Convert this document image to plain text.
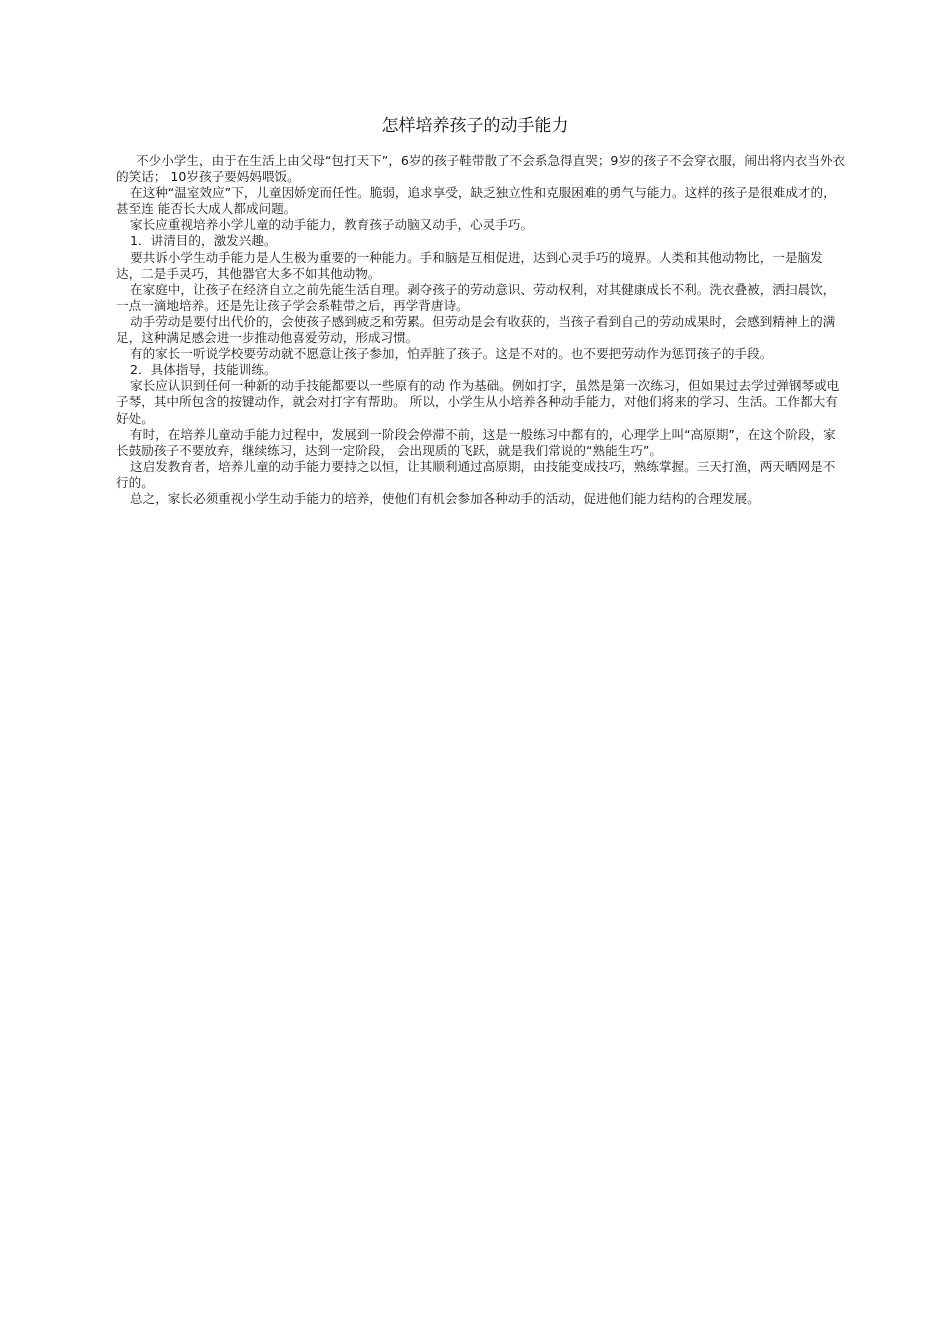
怎样培养孩子的动手能力

不少小学生，由于在生活上由父母“包打天下”，6岁的孩子鞋带散了不会系急得直哭；9岁的孩子不会穿衣服，闹出将内衣当外衣的笑话； 10岁孩子要妈妈喂饭。

在这种“温室效应”下，儿童因娇宠而任性。脆弱，追求享受，缺乏独立性和克服困难的勇气与能力。这样的孩子是很难成才的，甚至连 能否长大成人都成问题。

家长应重视培养小学儿童的动手能力，教育孩子动脑又动手，心灵手巧。

1．讲清目的，激发兴趣。

要共诉小学生动手能力是人生极为重要的一种能力。手和脑是互相促进，达到心灵手巧的境界。人类和其他动物比，一是脑发达，二是手灵巧，其他器官大多不如其他动物。

在家庭中，让孩子在经济自立之前先能生活自理。剥夺孩子的劳动意识、劳动权利，对其健康成长不利。洗衣叠被，洒扫晨饮，一点一滴地培养。还是先让孩子学会系鞋带之后，再学背唐诗。

动手劳动是要付出代价的，会使孩子感到疲乏和劳累。但劳动是会有收获的，当孩子看到自己的劳动成果时，会感到精神上的满足，这种满足感会进一步推动他喜爱劳动，形成习惯。

有的家长一听说学校要劳动就不愿意让孩子参加，怕弄脏了孩子。这是不对的。也不要把劳动作为惩罚孩子的手段。

2．具体指导，技能训练。

家长应认识到任何一种新的动手技能都要以一些原有的动 作为基础。例如打字，虽然是第一次练习，但如果过去学过弹钢琴或电子琴，其中所包含的按键动作，就会对打字有帮助。 所以，小学生从小培养各种动手能力，对他们将来的学习、生活。工作都大有好处。

有时，在培养儿童动手能力过程中，发展到一阶段会停滞不前，这是一般练习中都有的，心理学上叫“高原期”，在这个阶段，家长鼓励孩子不要放弃，继续练习，达到一定阶段， 会出现质的飞跃，就是我们常说的“熟能生巧”。

这启发教育者，培养儿童的动手能力要持之以恒，让其顺利通过高原期，由技能变成技巧，熟练掌握。三天打渔，两天晒网是不行的。

总之，家长必须重视小学生动手能力的培养，使他们有机会参加各种动手的活动，促进他们能力结构的合理发展。
